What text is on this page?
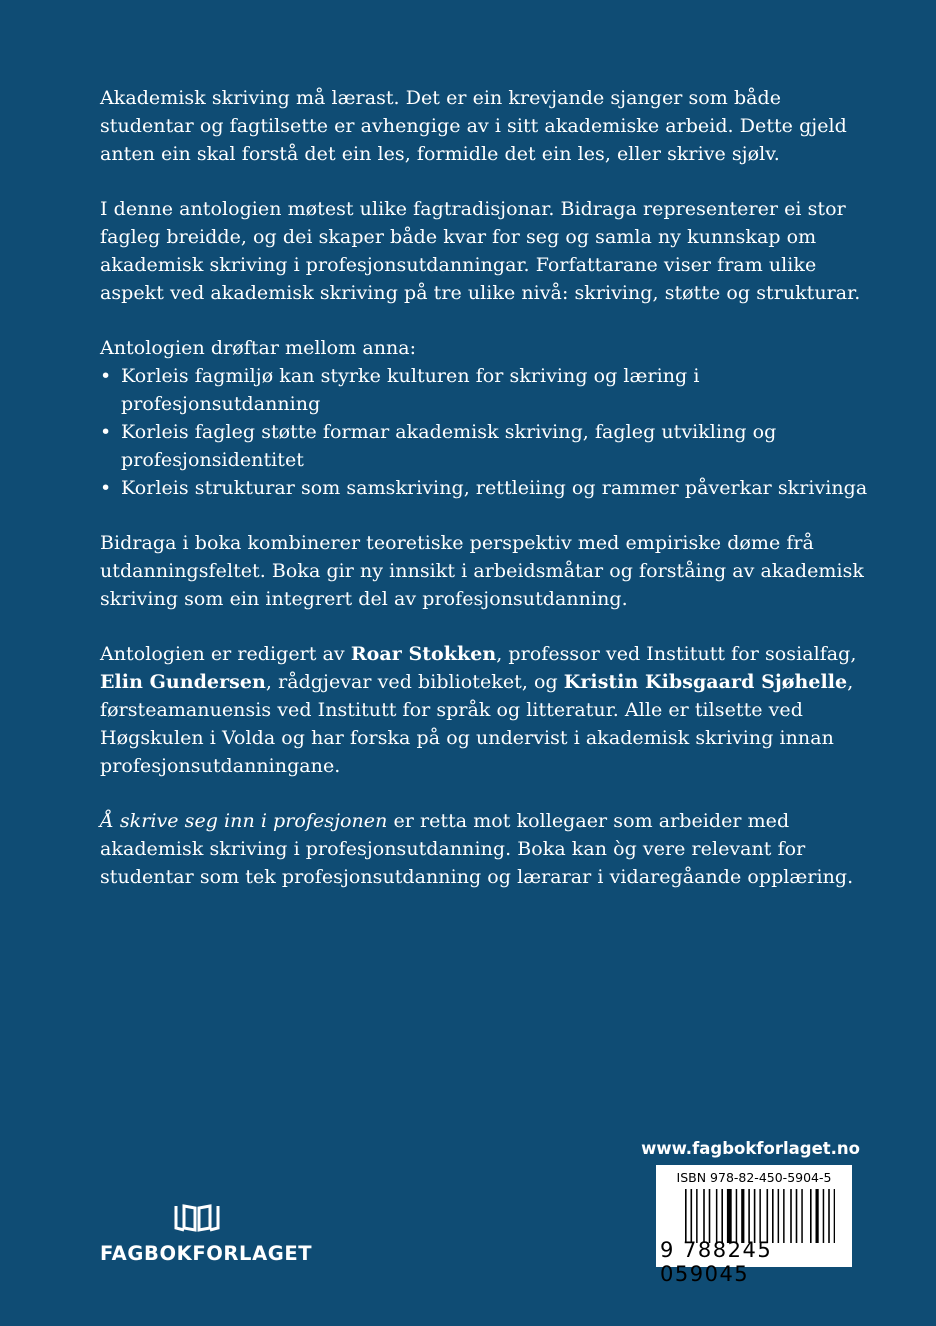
Akademisk skriving må lærast. Det er ein krevjande sjanger som både studentar og fagtilsette er avhengige av i sitt akademiske arbeid. Dette gjeld anten ein skal forstå det ein les, formidle det ein les, eller skrive sjølv.

I denne antologien møtest ulike fagtradisjonar. Bidraga representerer ei stor fagleg breidde, og dei skaper både kvar for seg og samla ny kunnskap om akademisk skriving i profesjonsutdanningar. Forfattarane viser fram ulike aspekt ved akademisk skriving på tre ulike nivå: skriving, støtte og strukturar.

Antologien drøftar mellom anna:

• Korleis fagmiljø kan styrke kulturen for skriving og læring i profesjonsutdanning
• Korleis fagleg støtte formar akademisk skriving, fagleg utvikling og profesjonsidentitet
• Korleis strukturar som samskriving, rettleiing og rammer påverkar skrivinga

Bidraga i boka kombinerer teoretiske perspektiv med empiriske døme frå utdanningsfeltet. Boka gir ny innsikt i arbeidsmåtar og forståing av akademisk skriving som ein integrert del av profesjonsutdanning.

Antologien er redigert av Roar Stokken, professor ved Institutt for sosialfag, Elin Gundersen, rådgjevar ved biblioteket, og Kristin Kibsgaard Sjøhelle, førsteamanuensis ved Institutt for språk og litteratur. Alle er tilsette ved Høgskulen i Volda og har forska på og undervist i akademisk skriving innan profesjonsutdanningane.

Å skrive seg inn i profesjonen er retta mot kollegaer som arbeider med akademisk skriving i profesjonsutdanning. Boka kan òg vere relevant for studentar som tek profesjonsutdanning og lærarar i vidaregåande opplæring.

FAGBOKFORLAGET
www.fagbokforlaget.no
ISBN 978-82-450-5904-5
9 788245 059045
